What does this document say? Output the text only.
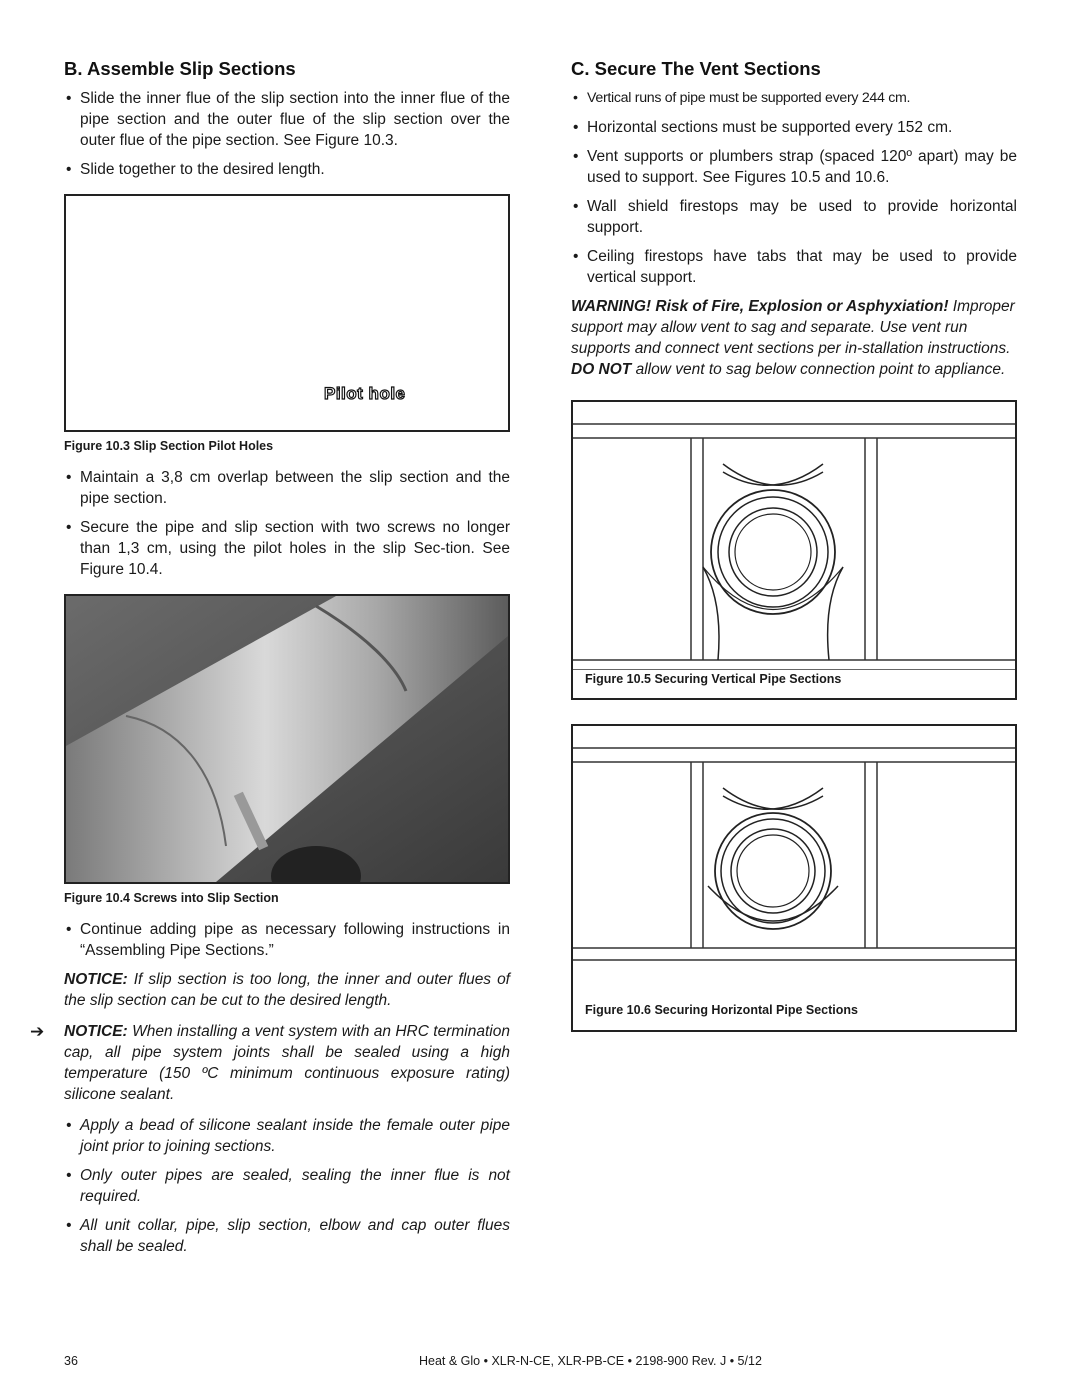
B. Assemble Slip Sections
• Slide the inner flue of the slip section into the inner flue of the pipe section and the outer flue of the slip section over the outer flue of the pipe section. See Figure 10.3.
• Slide together to the desired length.
Pilot hole
Figure 10.3 Slip Section Pilot Holes
• Maintain a 3,8 cm overlap between the slip section and the pipe section.
• Secure the pipe and slip section with two screws no longer than 1,3 cm, using the pilot holes in the slip Sec-tion. See Figure 10.4.
Figure 10.4 Screws into Slip Section
• Continue adding pipe as necessary following instructions in “Assembling Pipe Sections.”

NOTICE: If slip section is too long, the inner and outer flues of the slip section can be cut to the desired length.

➔ NOTICE: When installing a vent system with an HRC termination cap, all pipe system joints shall be sealed using a high temperature (150 ºC minimum continuous exposure rating) silicone sealant.

• Apply a bead of silicone sealant inside the female outer pipe joint prior to joining sections.
• Only outer pipes are sealed, sealing the inner flue is not required.
• All unit collar, pipe, slip section, elbow and cap outer flues shall be sealed.
C. Secure The Vent Sections
• Vertical runs of pipe must be supported every 244 cm.
• Horizontal sections must be supported every 152 cm.
• Vent supports or plumbers strap (spaced 120º apart) may be used to support. See Figures 10.5 and 10.6.
• Wall shield firestops may be used to provide horizontal support.
• Ceiling firestops have tabs that may be used to provide vertical support.

WARNING! Risk of Fire, Explosion or Asphyxiation! Improper support may allow vent to sag and separate. Use vent run supports and connect vent sections per in-stallation instructions. DO NOT allow vent to sag below connection point to appliance.

Figure 10.5 Securing Vertical Pipe Sections
Figure 10.6 Securing Horizontal Pipe Sections
36	Heat & Glo • XLR-N-CE, XLR-PB-CE • 2198-900 Rev. J • 5/12
